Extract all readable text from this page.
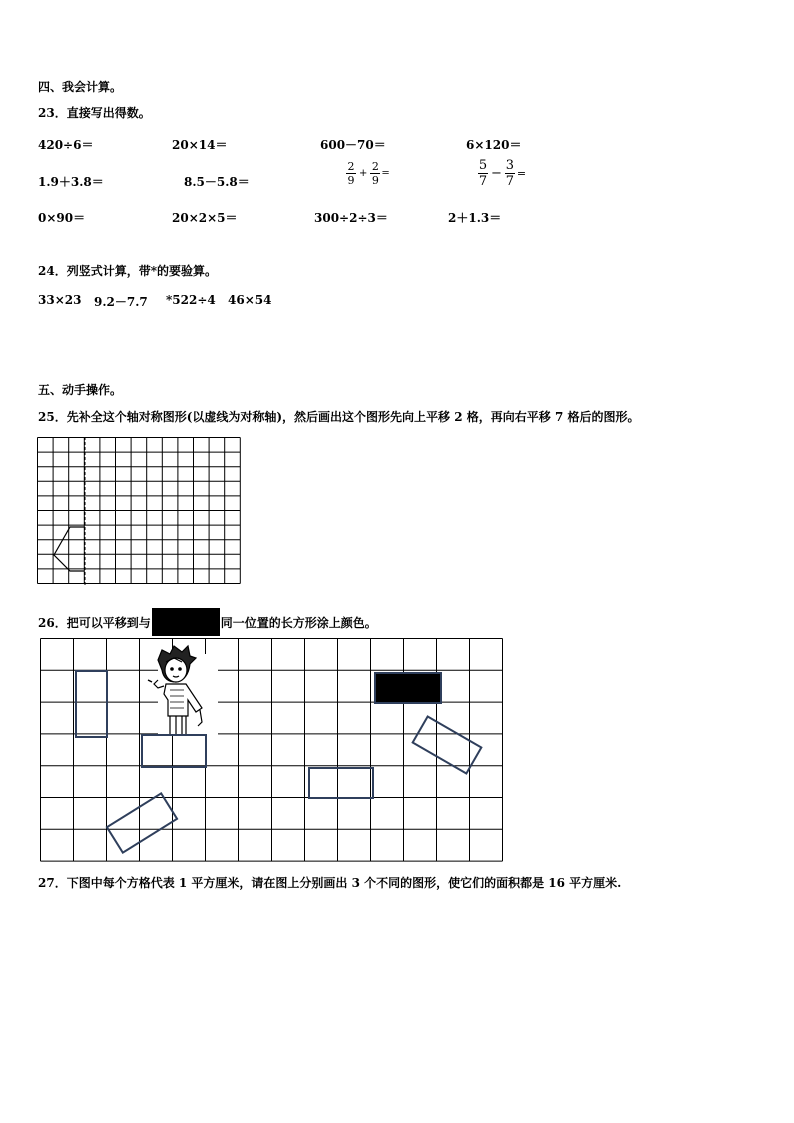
四、我会计算。
23．直接写出得数。
420÷6＝	20×14＝	600－70＝	6×120＝
1.9＋3.8＝	8.5－5.8＝	$\frac{2}{9} + \frac{2}{9}$ =	$\frac{5}{7} - \frac{3}{7}$ =
0×90＝	20×2×5＝	300÷2÷3＝	2＋1.3＝
24．列竖式计算，带*的要验算。
33×23 9.2－7.7 *522÷4 46×54
五、动手操作。
25．先补全这个轴对称图形(以虚线为对称轴)，然后画出这个图形先向上平移 2 格，再向右平移 7 格后的图形。
26．把可以平移到与	同一位置的长方形涂上颜色。
27．下图中每个方格代表 1 平方厘米，请在图上分别画出 3 个不同的图形，使它们的面积都是 16 平方厘米.
